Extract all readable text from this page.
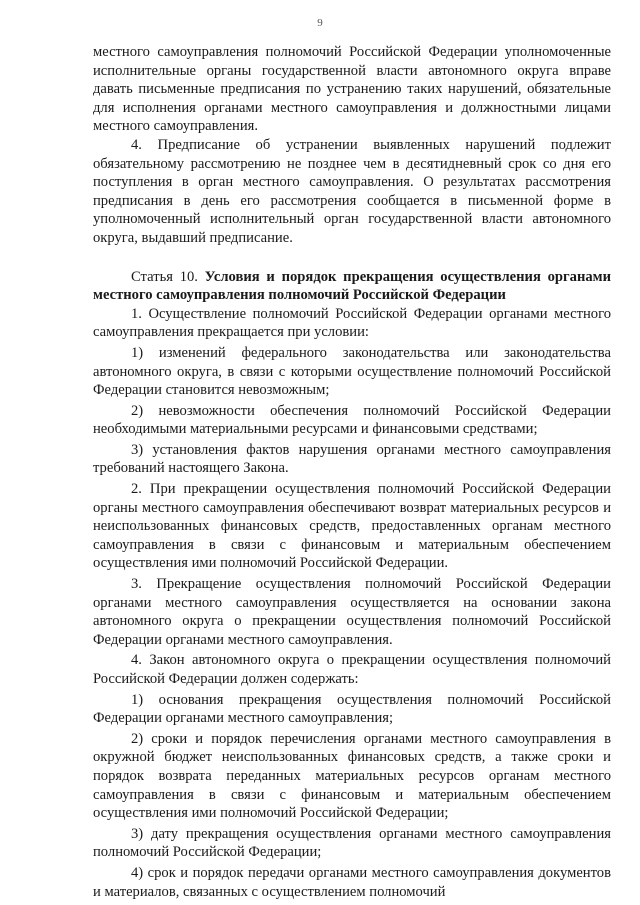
9

местного самоуправления полномочий Российской Федерации уполномоченные исполнительные органы государственной власти автономного округа вправе давать письменные предписания по устранению таких нарушений, обязательные для исполнения органами местного самоуправления и должностными лицами местного самоуправления.

4. Предписание об устранении выявленных нарушений подлежит обязательному рассмотрению не позднее чем в десятидневный срок со дня его поступления в орган местного самоуправления. О результатах рассмотрения предписания в день его рассмотрения сообщается в письменной форме в уполномоченный исполнительный орган государственной власти автономного округа, выдавший предписание.

Статья 10. Условия и порядок прекращения осуществления органами местного самоуправления полномочий Российской Федерации

1. Осуществление полномочий Российской Федерации органами местного самоуправления прекращается при условии:

1) изменений федерального законодательства или законодательства автономного округа, в связи с которыми осуществление полномочий Российской Федерации становится невозможным;

2) невозможности обеспечения полномочий Российской Федерации необходимыми материальными ресурсами и финансовыми средствами;

3) установления фактов нарушения органами местного самоуправления требований настоящего Закона.

2. При прекращении осуществления полномочий Российской Федерации органы местного самоуправления обеспечивают возврат материальных ресурсов и неиспользованных финансовых средств, предоставленных органам местного самоуправления в связи с финансовым и материальным обеспечением осуществления ими полномочий Российской Федерации.

3. Прекращение осуществления полномочий Российской Федерации органами местного самоуправления осуществляется на основании закона автономного округа о прекращении осуществления полномочий Российской Федерации органами местного самоуправления.

4. Закон автономного округа о прекращении осуществления полномочий Российской Федерации должен содержать:

1) основания прекращения осуществления полномочий Российской Федерации органами местного самоуправления;

2) сроки и порядок перечисления органами местного самоуправления в окружной бюджет неиспользованных финансовых средств, а также сроки и порядок возврата переданных материальных ресурсов органам местного самоуправления в связи с финансовым и материальным обеспечением осуществления ими полномочий Российской Федерации;

3) дату прекращения осуществления органами местного самоуправления полномочий Российской Федерации;

4) срок и порядок передачи органами местного самоуправления документов и материалов, связанных с осуществлением полномочий
